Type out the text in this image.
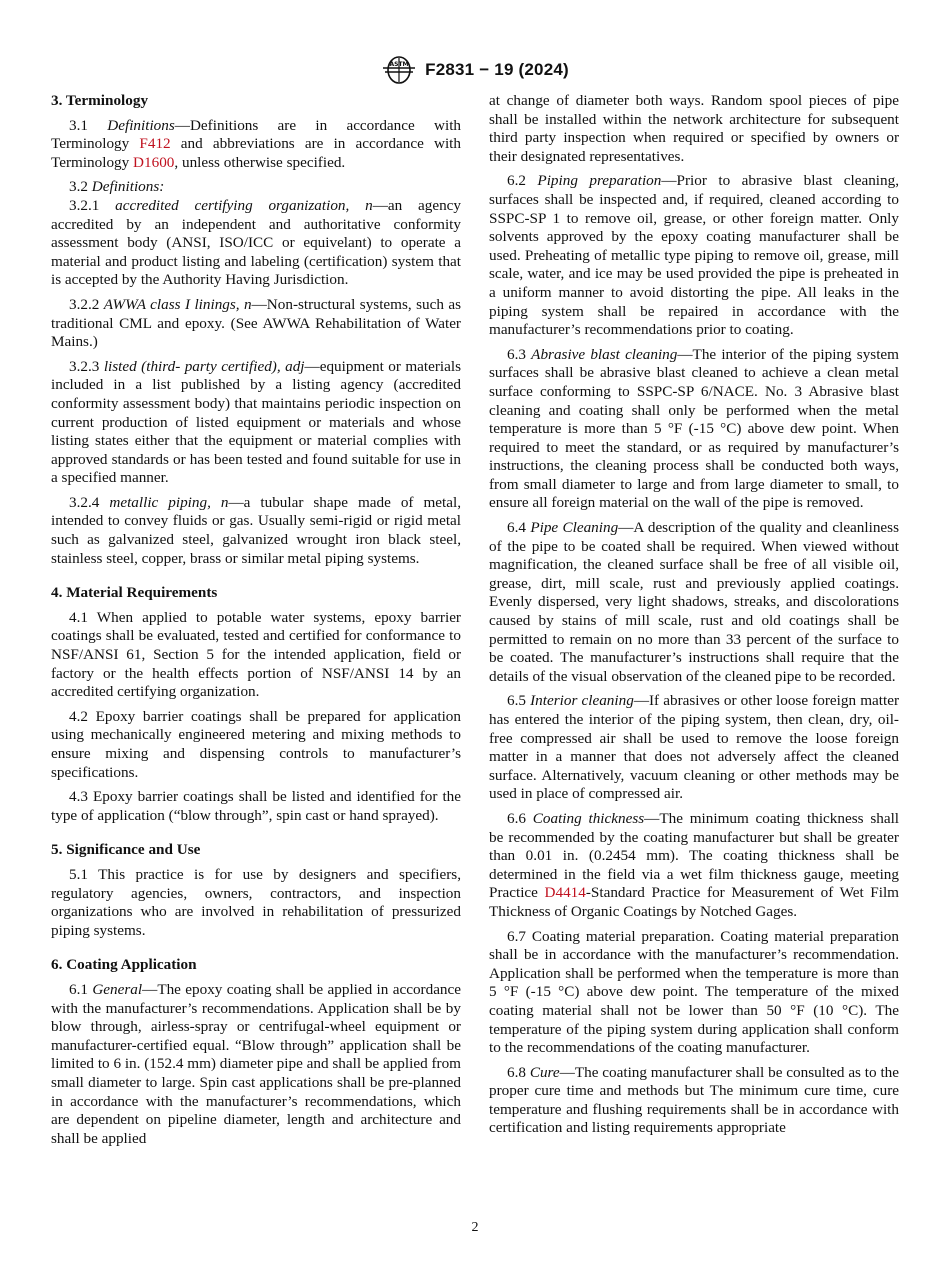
ASTM F2831 − 19 (2024)
3. Terminology

3.1 Definitions—Definitions are in accordance with Terminology F412 and abbreviations are in accordance with Terminology D1600, unless otherwise specified.

3.2 Definitions:

3.2.1 accredited certifying organization, n—an agency accredited by an independent and authoritative conformity assessment body (ANSI, ISO/ICC or equivelant) to operate a material and product listing and labeling (certification) system that is accepted by the Authority Having Jurisdiction.

3.2.2 AWWA class I linings, n—Non-structural systems, such as traditional CML and epoxy. (See AWWA Rehabilitation of Water Mains.)

3.2.3 listed (third- party certified), adj—equipment or materials included in a list published by a listing agency (accredited conformity assessment body) that maintains periodic inspection on current production of listed equipment or materials and whose listing states either that the equipment or material complies with approved standards or has been tested and found suitable for use in a specified manner.

3.2.4 metallic piping, n—a tubular shape made of metal, intended to convey fluids or gas. Usually semi-rigid or rigid metal such as galvanized steel, galvanized wrought iron black steel, stainless steel, copper, brass or similar metal piping systems.

4. Material Requirements

4.1 When applied to potable water systems, epoxy barrier coatings shall be evaluated, tested and certified for conformance to NSF/ANSI 61, Section 5 for the intended application, field or factory or the health effects portion of NSF/ANSI 14 by an accredited certifying organization.

4.2 Epoxy barrier coatings shall be prepared for application using mechanically engineered metering and mixing methods to ensure mixing and dispensing controls to manufacturer’s specifications.

4.3 Epoxy barrier coatings shall be listed and identified for the type of application (“blow through”, spin cast or hand sprayed).

5. Significance and Use

5.1 This practice is for use by designers and specifiers, regulatory agencies, owners, contractors, and inspection organizations who are involved in rehabilitation of pressurized piping systems.

6. Coating Application

6.1 General—The epoxy coating shall be applied in accordance with the manufacturer’s recommendations. Application shall be by blow through, airless-spray or centrifugal-wheel equipment or manufacturer-certified equal. “Blow through” application shall be limited to 6 in. (152.4 mm) diameter pipe and shall be applied from small diameter to large. Spin cast applications shall be pre-planned in accordance with the manufacturer’s recommendations, which are dependent on pipeline diameter, length and architecture and shall be applied

at change of diameter both ways. Random spool pieces of pipe shall be installed within the network architecture for subsequent third party inspection when required or specified by owners or their designated representatives.

6.2 Piping preparation—Prior to abrasive blast cleaning, surfaces shall be inspected and, if required, cleaned according to SSPC-SP 1 to remove oil, grease, or other foreign matter. Only solvents approved by the epoxy coating manufacturer shall be used. Preheating of metallic type piping to remove oil, grease, mill scale, water, and ice may be used provided the pipe is preheated in a uniform manner to avoid distorting the pipe. All leaks in the piping system shall be repaired in accordance with the manufacturer’s recommendations prior to coating.

6.3 Abrasive blast cleaning—The interior of the piping system surfaces shall be abrasive blast cleaned to achieve a clean metal surface conforming to SSPC-SP 6/NACE. No. 3 Abrasive blast cleaning and coating shall only be performed when the metal temperature is more than 5 °F (-15 °C) above dew point. When required to meet the standard, or as required by manufacturer’s instructions, the cleaning process shall be conducted both ways, from small diameter to large and from large diameter to small, to ensure all foreign material on the wall of the pipe is removed.

6.4 Pipe Cleaning—A description of the quality and cleanliness of the pipe to be coated shall be required. When viewed without magnification, the cleaned surface shall be free of all visible oil, grease, dirt, mill scale, rust and previously applied coatings. Evenly dispersed, very light shadows, streaks, and discolorations caused by stains of mill scale, rust and old coatings shall be permitted to remain on no more than 33 percent of the surface to be coated. The manufacturer’s instructions shall require that the details of the visual observation of the cleaned pipe to be recorded.

6.5 Interior cleaning—If abrasives or other loose foreign matter has entered the interior of the piping system, then clean, dry, oil-free compressed air shall be used to remove the loose foreign matter in a manner that does not adversely affect the cleaned surface. Alternatively, vacuum cleaning or other methods may be used in place of compressed air.

6.6 Coating thickness—The minimum coating thickness shall be recommended by the coating manufacturer but shall be greater than 0.01 in. (0.2454 mm). The coating thickness shall be determined in the field via a wet film thickness gauge, meeting Practice D4414-Standard Practice for Measurement of Wet Film Thickness of Organic Coatings by Notched Gages.

6.7 Coating material preparation. Coating material preparation shall be in accordance with the manufacturer’s recommendation. Application shall be performed when the temperature is more than 5 °F (-15 °C) above dew point. The temperature of the mixed coating material shall not be lower than 50 °F (10 °C). The temperature of the piping system during application shall conform to the recommendations of the coating manufacturer.

6.8 Cure—The coating manufacturer shall be consulted as to the proper cure time and methods but The minimum cure time, cure temperature and flushing requirements shall be in accordance with certification and listing requirements appropriate

2
